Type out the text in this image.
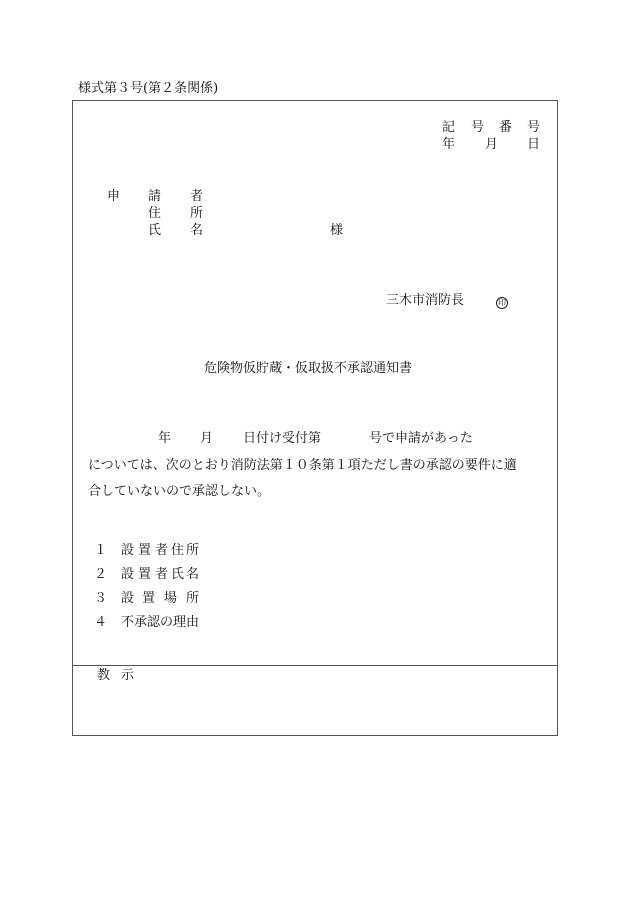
様式第３号(第２条関係)
記 号 番 号
年 月 日
申 請 者
住 所
氏 名	様
三木市消防長	印
危険物仮貯蔵・仮取扱不承認通知書
年 月 日付け受付第	号で申請があった
については、次のとおり消防法第１０条第１項ただし書の承認の要件に適
合していないので承認しない。
１ 設 置 者 住 所
２ 設 置 者 氏 名
３ 設 置 場 所
４ 不承認の理由
教 示
